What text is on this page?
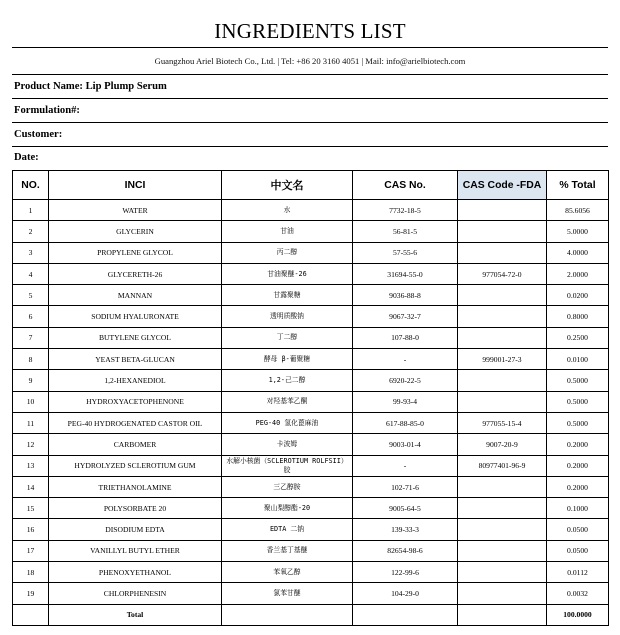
INGREDIENTS LIST
Guangzhou Ariel Biotech Co., Ltd. | Tel: +86 20 3160 4051 | Mail: info@arielbiotech.com
Product Name: Lip Plump Serum
Formulation#:
Customer:
Date:
NO.	INCI	中文名	CAS No.	CAS Code -FDA	% Total
1	WATER	水	7732-18-5		85.6056
2	GLYCERIN	甘油	56-81-5		5.0000
3	PROPYLENE GLYCOL	丙二醇	57-55-6		4.0000
4	GLYCERETH-26	甘油聚醚-26	31694-55-0	977054-72-0	2.0000
5	MANNAN	甘露聚糖	9036-88-8		0.0200
6	SODIUM HYALURONATE	透明质酸钠	9067-32-7		0.8000
7	BUTYLENE GLYCOL	丁二醇	107-88-0		0.2500
8	YEAST BETA-GLUCAN	酵母 β-葡聚糖	-	999001-27-3	0.0100
9	1,2-HEXANEDIOL	1,2-己二醇	6920-22-5		0.5000
10	HYDROXYACETOPHENONE	对羟基苯乙酮	99-93-4		0.5000
11	PEG-40 HYDROGENATED CASTOR OIL	PEG-40 氢化蓖麻油	617-88-85-0	977055-15-4	0.5000
12	CARBOMER	卡波姆	9003-01-4	9007-20-9	0.2000
13	HYDROLYZED SCLEROTIUM GUM	水解小核菌（SCLEROTIUM ROLFSII）胶	-	80977401-96-9	0.2000
14	TRIETHANOLAMINE	三乙醇胺	102-71-6		0.2000
15	POLYSORBATE 20	聚山梨醇酯-20	9005-64-5		0.1000
16	DISODIUM EDTA	EDTA 二钠	139-33-3		0.0500
17	VANILLYL BUTYL ETHER	香兰基丁基醚	82654-98-6		0.0500
18	PHENOXYETHANOL	苯氧乙醇	122-99-6		0.0112
19	CHLORPHENESIN	氯苯甘醚	104-29-0		0.0032
	Total				100.0000
